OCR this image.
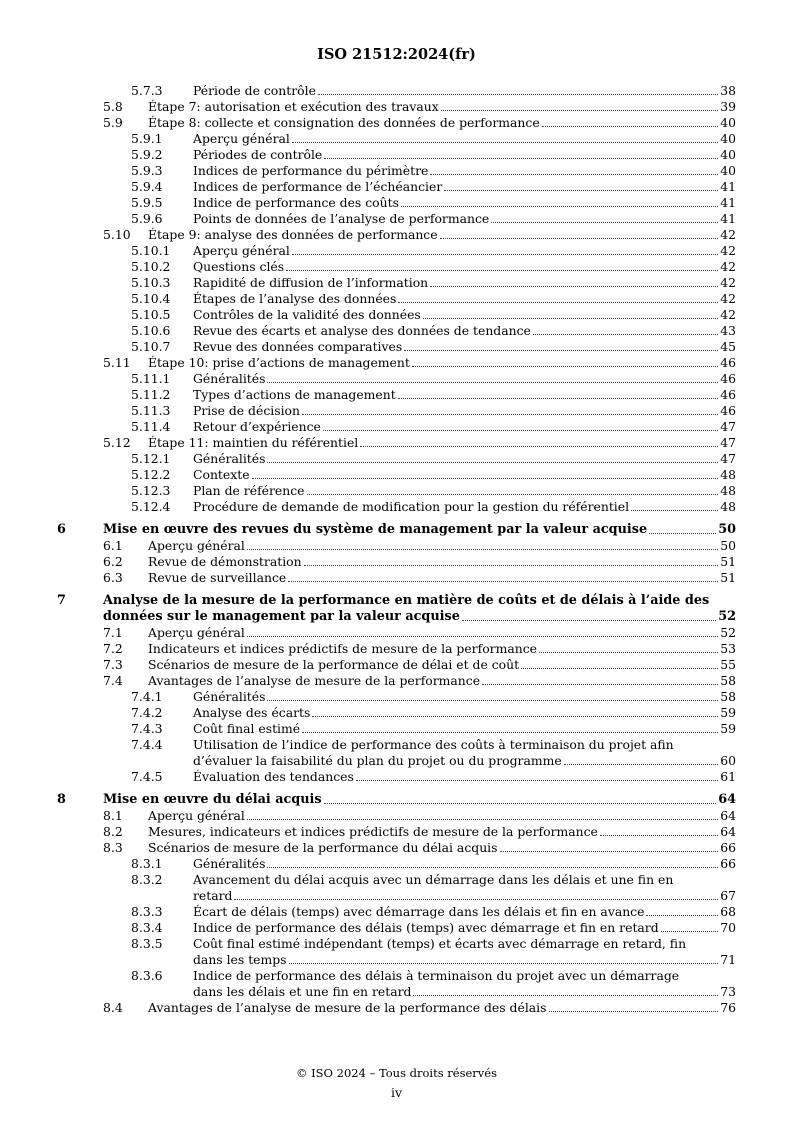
ISO 21512:2024(fr)
5.7.3 Période de contrôle	38
5.8 Étape 7: autorisation et exécution des travaux	39
5.9 Étape 8: collecte et consignation des données de performance	40
5.9.1 Aperçu général	40
5.9.2 Périodes de contrôle	40
5.9.3 Indices de performance du périmètre	40
5.9.4 Indices de performance de l’échéancier	41
5.9.5 Indice de performance des coûts	41
5.9.6 Points de données de l’analyse de performance	41
5.10 Étape 9: analyse des données de performance	42
5.10.1 Aperçu général	42
5.10.2 Questions clés	42
5.10.3 Rapidité de diffusion de l’information	42
5.10.4 Étapes de l’analyse des données	42
5.10.5 Contrôles de la validité des données	42
5.10.6 Revue des écarts et analyse des données de tendance	43
5.10.7 Revue des données comparatives	45
5.11 Étape 10: prise d’actions de management	46
5.11.1 Généralités	46
5.11.2 Types d’actions de management	46
5.11.3 Prise de décision	46
5.11.4 Retour d’expérience	47
5.12 Étape 11: maintien du référentiel	47
5.12.1 Généralités	47
5.12.2 Contexte	48
5.12.3 Plan de référence	48
5.12.4 Procédure de demande de modification pour la gestion du référentiel	48
6	Mise en œuvre des revues du système de management par la valeur acquise	50
6.1 Aperçu général	50
6.2 Revue de démonstration	51
6.3 Revue de surveillance	51
7	Analyse de la mesure de la performance en matière de coûts et de délais à l’aide des
données sur le management par la valeur acquise	52
7.1 Aperçu général	52
7.2 Indicateurs et indices prédictifs de mesure de la performance	53
7.3 Scénarios de mesure de la performance de délai et de coût	55
7.4 Avantages de l’analyse de mesure de la performance	58
7.4.1 Généralités	58
7.4.2 Analyse des écarts	59
7.4.3 Coût final estimé	59
7.4.4 Utilisation de l’indice de performance des coûts à terminaison du projet afin
d’évaluer la faisabilité du plan du projet ou du programme	60
7.4.5 Évaluation des tendances	61
8	Mise en œuvre du délai acquis	64
8.1 Aperçu général	64
8.2 Mesures, indicateurs et indices prédictifs de mesure de la performance	64
8.3 Scénarios de mesure de la performance du délai acquis	66
8.3.1 Généralités	66
8.3.2 Avancement du délai acquis avec un démarrage dans les délais et une fin en
retard	67
8.3.3 Écart de délais (temps) avec démarrage dans les délais et fin en avance	68
8.3.4 Indice de performance des délais (temps) avec démarrage et fin en retard	70
8.3.5 Coût final estimé indépendant (temps) et écarts avec démarrage en retard, fin
dans les temps	71
8.3.6 Indice de performance des délais à terminaison du projet avec un démarrage
dans les délais et une fin en retard	73
8.4 Avantages de l’analyse de mesure de la performance des délais	76
© ISO 2024 – Tous droits réservés
iv
